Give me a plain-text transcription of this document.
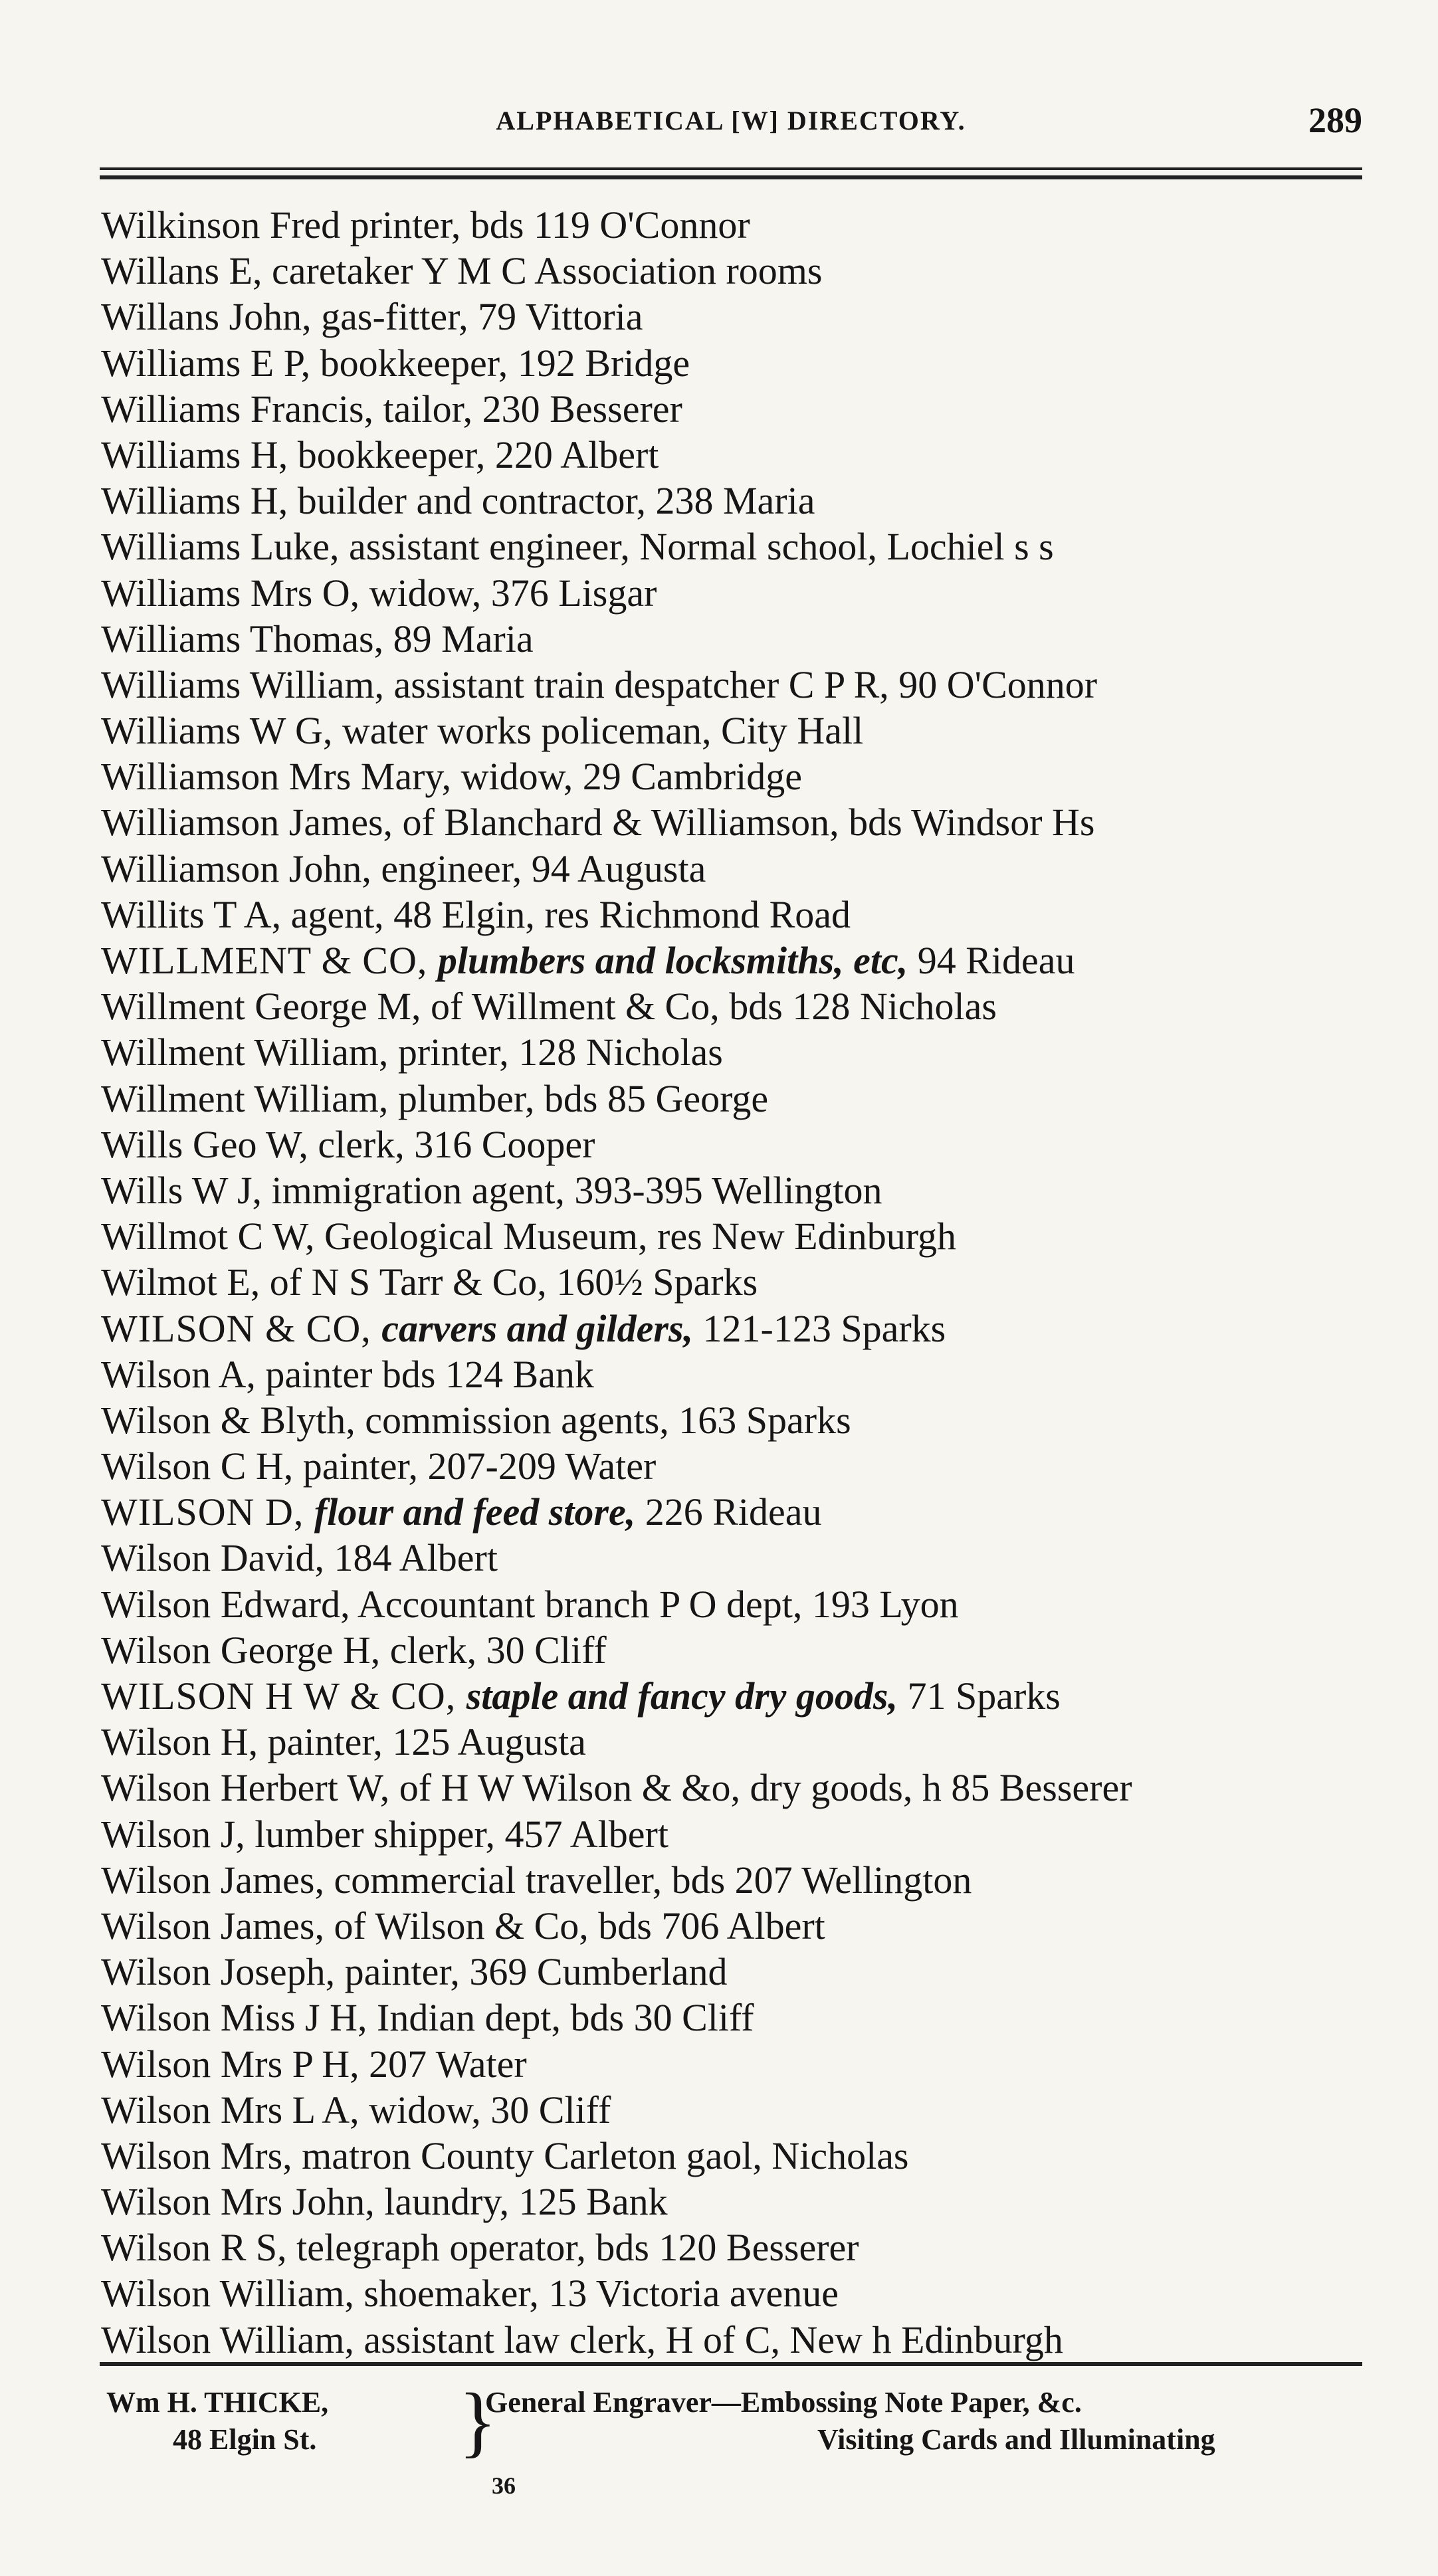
ALPHABETICAL [W] DIRECTORY.	289
Wilkinson Fred printer, bds 119 O'Connor
Willans E, caretaker Y M C Association rooms
Willans John, gas-fitter, 79 Vittoria
Williams E P, bookkeeper, 192 Bridge
Williams Francis, tailor, 230 Besserer
Williams H, bookkeeper, 220 Albert
Williams H, builder and contractor, 238 Maria
Williams Luke, assistant engineer, Normal school, Lochiel s s
Williams Mrs O, widow, 376 Lisgar
Williams Thomas, 89 Maria
Williams William, assistant train despatcher C P R, 90 O'Connor
Williams W G, water works policeman, City Hall
Williamson Mrs Mary, widow, 29 Cambridge
Williamson James, of Blanchard & Williamson, bds Windsor Hs
Williamson John, engineer, 94 Augusta
Willits T A, agent, 48 Elgin, res Richmond Road
WILLMENT & CO, plumbers and locksmiths, etc, 94 Rideau
Willment George M, of Willment & Co, bds 128 Nicholas
Willment William, printer, 128 Nicholas
Willment William, plumber, bds 85 George
Wills Geo W, clerk, 316 Cooper
Wills W J, immigration agent, 393-395 Wellington
Willmot C W, Geological Museum, res New Edinburgh
Wilmot E, of N S Tarr & Co, 160½ Sparks
WILSON & CO, carvers and gilders, 121-123 Sparks
Wilson A, painter bds 124 Bank
Wilson & Blyth, commission agents, 163 Sparks
Wilson C H, painter, 207-209 Water
WILSON D, flour and feed store, 226 Rideau
Wilson David, 184 Albert
Wilson Edward, Accountant branch P O dept, 193 Lyon
Wilson George H, clerk, 30 Cliff
WILSON H W & CO, staple and fancy dry goods, 71 Sparks
Wilson H, painter, 125 Augusta
Wilson Herbert W, of H W Wilson & &o, dry goods, h 85 Besserer
Wilson J, lumber shipper, 457 Albert
Wilson James, commercial traveller, bds 207 Wellington
Wilson James, of Wilson & Co, bds 706 Albert
Wilson Joseph, painter, 369 Cumberland
Wilson Miss J H, Indian dept, bds 30 Cliff
Wilson Mrs P H, 207 Water
Wilson Mrs L A, widow, 30 Cliff
Wilson Mrs, matron County Carleton gaol, Nicholas
Wilson Mrs John, laundry, 125 Bank
Wilson R S, telegraph operator, bds 120 Besserer
Wilson William, shoemaker, 13 Victoria avenue
Wilson William, assistant law clerk, H of C, New h Edinburgh
Wm H. THICKE,
48 Elgin St. }
General Engraver—Embossing Note Paper, &c.
Visiting Cards and Illuminating
36
